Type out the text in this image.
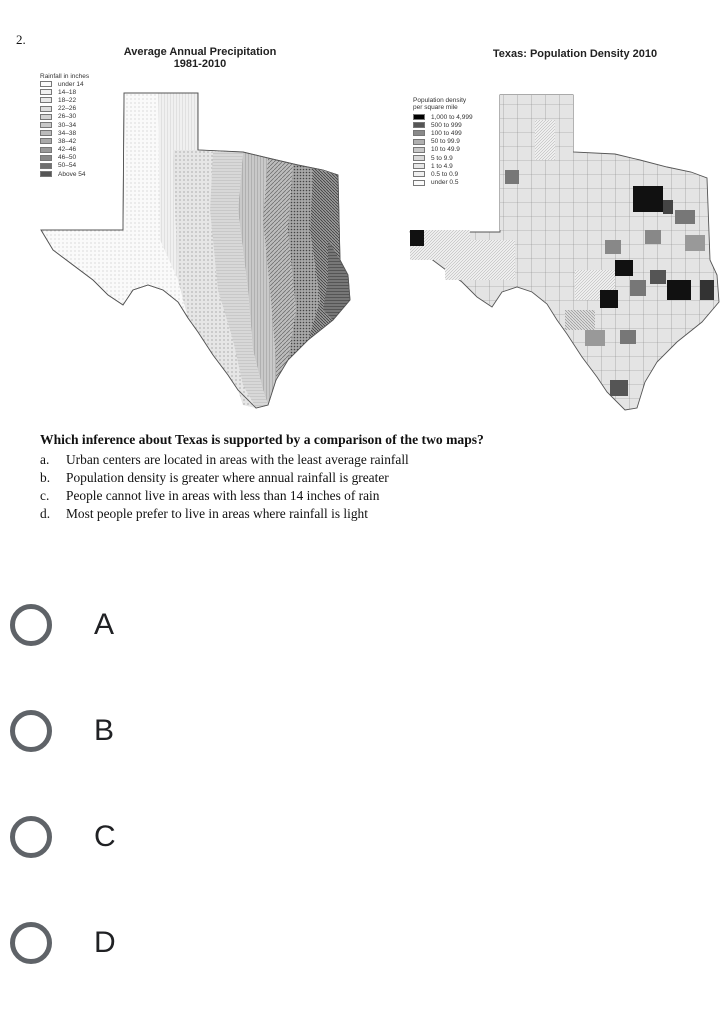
2.
Average Annual Precipitation
1981-2010
Rainfall in inches
under 14
14–18
18–22
22–26
26–30
30–34
34–38
38–42
42–46
46–50
50–54
Above 54
Texas: Population Density 2010
Population density
per square mile
1,000 to 4,999
500 to 999
100 to 499
50 to 99.9
10 to 49.9
5 to 9.9
1 to 4.9
0.5 to 0.9
under 0.5
Which inference about Texas is supported by a comparison of the two maps?
a.	Urban centers are located in areas with the least average rainfall
b.	Population density is greater where annual rainfall is greater
c.	People cannot live in areas with less than 14 inches of rain
d.	Most people prefer to live in areas where rainfall is light
A
B
C
D
